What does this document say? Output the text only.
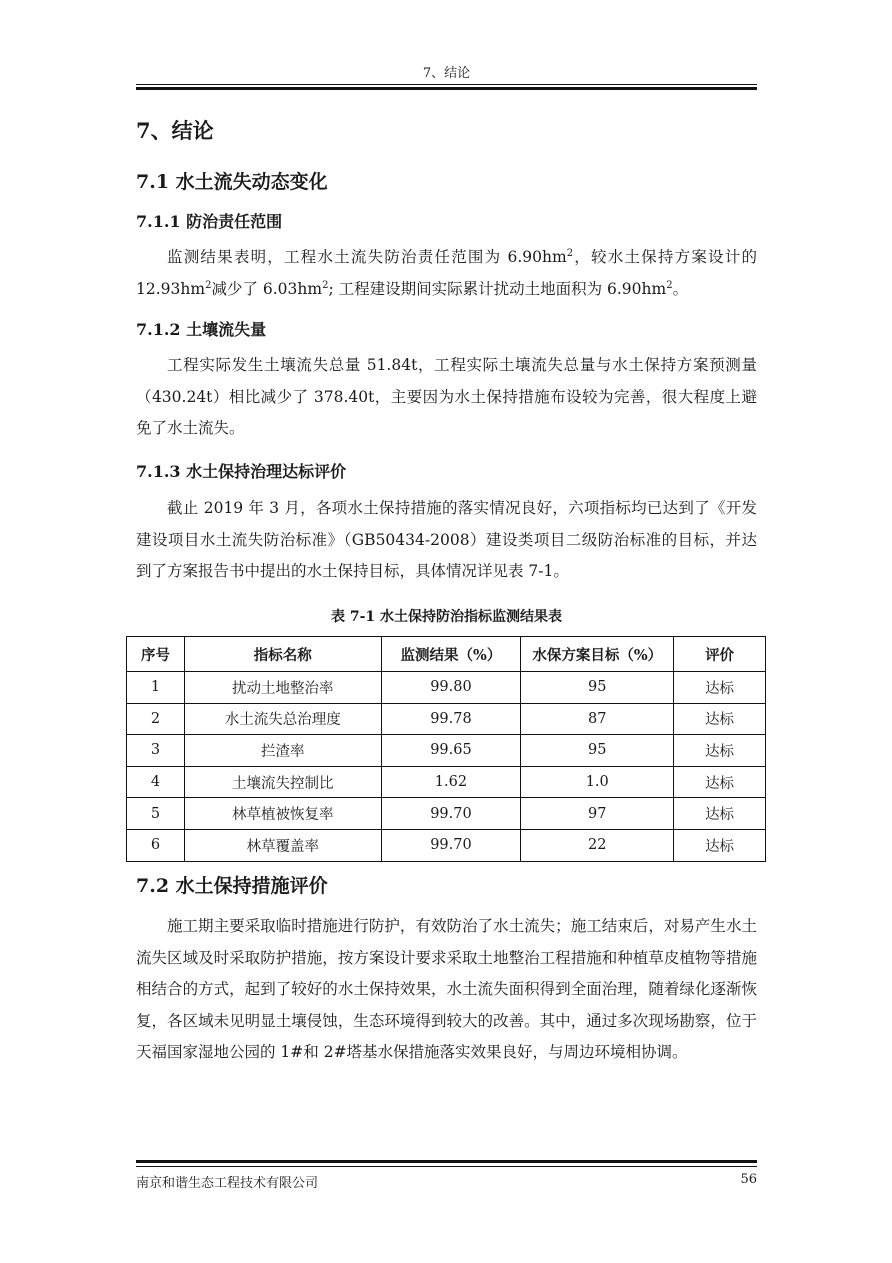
7、结论
7、结论
7.1 水土流失动态变化
7.1.1 防治责任范围

监测结果表明，工程水土流失防治责任范围为 $6.90hm^2$，较水土保持方案设计的 $12.93hm^2$减少了 $6.03hm^2$; 工程建设期间实际累计扰动土地面积为 $6.90hm^2$。

7.1.2 土壤流失量

工程实际发生土壤流失总量 51.84t，工程实际土壤流失总量与水土保持方案预测量（430.24t）相比减少了 378.40t，主要因为水土保持措施布设较为完善，很大程度上避免了水土流失。

7.1.3 水土保持治理达标评价

截止 2019 年 3 月，各项水土保持措施的落实情况良好，六项指标均已达到了《开发建设项目水土流失防治标准》（GB50434-2008）建设类项目二级防治标准的目标，并达到了方案报告书中提出的水土保持目标，具体情况详见表 7-1。

表 7-1 水土保持防治指标监测结果表
序号	指标名称	监测结果（%）	水保方案目标（%）	评价
1	扰动土地整治率	99.80	95	达标
2	水土流失总治理度	99.78	87	达标
3	拦渣率	99.65	95	达标
4	土壤流失控制比	1.62	1.0	达标
5	林草植被恢复率	99.70	97	达标
6	林草覆盖率	99.70	22	达标
7.2 水土保持措施评价

施工期主要采取临时措施进行防护，有效防治了水土流失；施工结束后，对易产生水土流失区域及时采取防护措施，按方案设计要求采取土地整治工程措施和种植草皮植物等措施相结合的方式，起到了较好的水土保持效果，水土流失面积得到全面治理，随着绿化逐渐恢复，各区域未见明显土壤侵蚀，生态环境得到较大的改善。其中，通过多次现场勘察，位于天福国家湿地公园的 1#和 2#塔基水保措施落实效果良好，与周边环境相协调。

南京和谐生态工程技术有限公司	56
